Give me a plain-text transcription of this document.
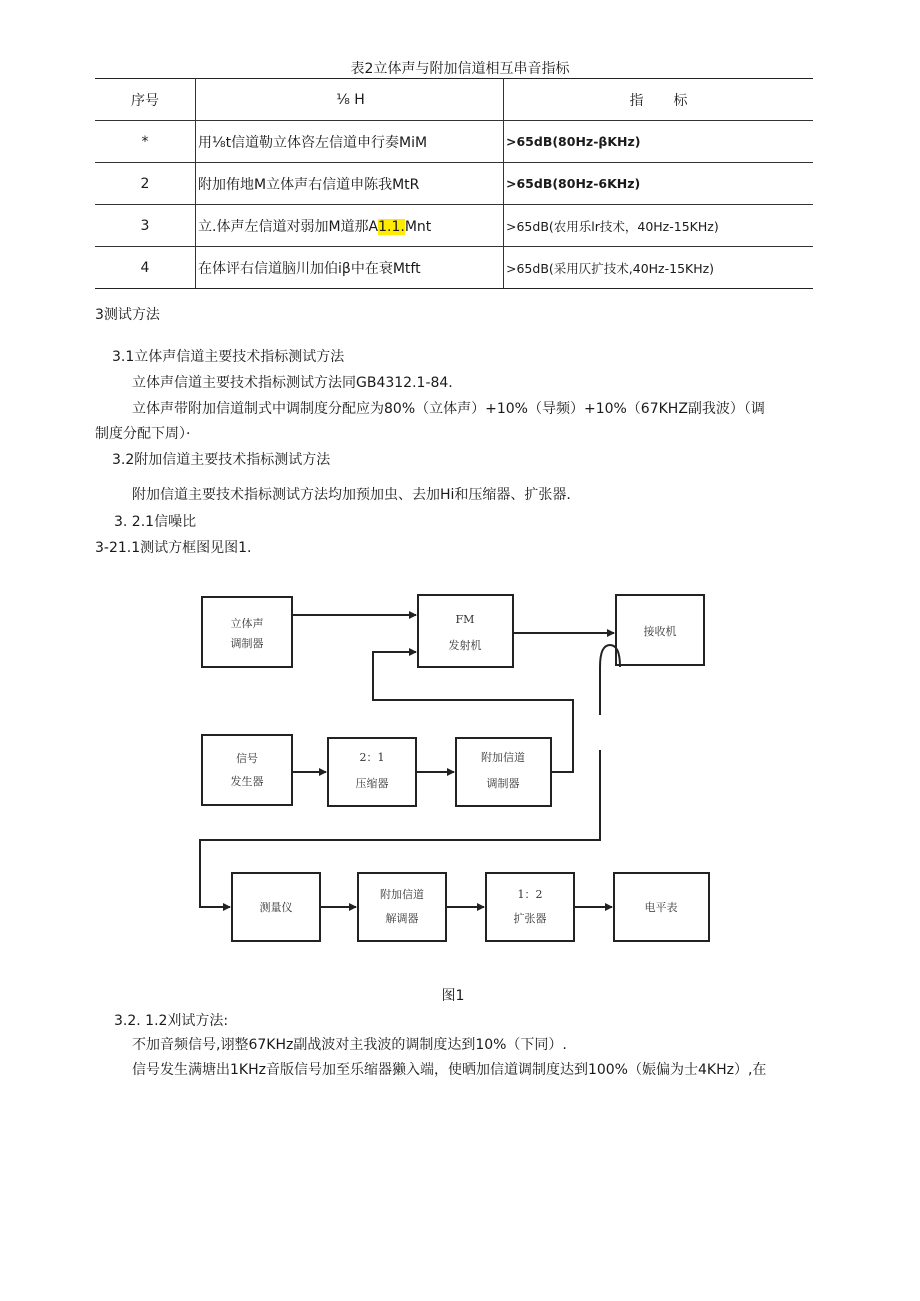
表2立体声与附加信道相互串音指标
序号	⅛ H	指标
*	用⅛t信道勒立体咨左信道申行奏MiM	>65dB(80Hz-βKHz)
2	附加侑地M立体声右信道申陈我MtR	>65dB(80Hz-6KHz)
3	立.体声左信道对弱加M道那A1.1.Mnt	>65dB(农用乐lr技术，40Hz-15KHz)
4	在体评右信道脑川加伯iβ中在衰Mtft	>65dB(采用仄扩技术,40Hz-15KHz)
3测试方法
3.1立体声信道主要技术指标测试方法
立体声信道主要技术指标测试方法同GB4312.1-84.
立体声带附加信道制式中调制度分配应为80%（立体声）+10%（导频）+10%（67KHZ副我波）（调
制度分配下周）·
3.2附加信道主要技术指标测试方法
附加信道主要技术指标测试方法均加预加虫、去加Hi和压缩器、扩张器.
3. 2.1信噪比
3-21.1测试方框图见图1.
立体声
调制器
FM
发射机
接收机
信号
发生器
2：1
压缩器
附加信道
调制器
测量仪
附加信道
解调器
1：2
扩张器
电平表
图1
3.2. 1.2刈试方法:
不加音频信号,诩整67KHz副战波对主我波的调制度达到10%（下同）.
信号发生满塘出1KHz音版信号加至乐缩器獭入端，使晒加信道调制度达到100%（娠偏为士4KHz）,在
